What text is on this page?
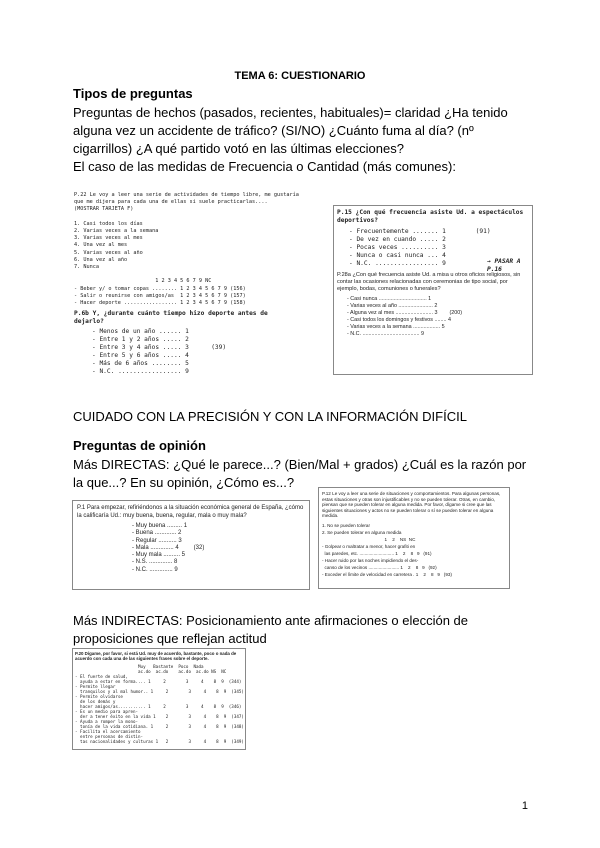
TEMA 6: CUESTIONARIO
Tipos de preguntas
Preguntas de hechos (pasados, recientes, habituales)= claridad ¿Ha tenido alguna vez un accidente de tráfico? (SI/NO) ¿Cuánto fuma al día? (nº cigarrillos) ¿A qué partido votó en las últimas elecciones?
El caso de las medidas de Frecuencia o Cantidad (más comunes):
P.22 Le voy a leer una serie de actividades de tiempo libre, me gustaría
que me dijera para cada una de ellas si suele practicarlas....
(MOSTRAR TARJETA F)

1. Casi todos los días
2. Varias veces a la semana
3. Varias veces al mes
4. Una vez al mes
5. Varias veces al año
6. Una vez al año
7. Nunca

1 2 3 4 5 6 7 9 NC
- Beber y/ o tomar copas ........ 1 2 3 4 5 6 7 9 (156)
- Salir o reunirse con amigos/as  1 2 3 4 5 6 7 9 (157)
- Hacer deporte ................. 1 2 3 4 5 6 7 9 (158)
P.6b Y, ¿durante cuánto tiempo hizo deporte antes de dejarlo?
- Menos de un año ...... 1
- Entre 1 y 2 años ..... 2
- Entre 3 y 4 años ..... 3      (39)
- Entre 5 y 6 años ..... 4
- Más de 6 años ........ 5
- N.C. ................. 9
P.15 ¿Con qué frecuencia asiste Ud. a espectáculos deportivos?
- Frecuentemente ....... 1        (91)
- De vez en cuando ..... 2
- Pocas veces .......... 3
- Nunca o casi nunca ... 4
- N.C. ................. 9	→ PASAR A P.16
P.28a ¿Con qué frecuencia asiste Ud. a misa u otros oficios religiosos, sin contar las ocasiones relacionadas con ceremonias de tipo social, por ejemplo, bodas, comuniones o funerales?
- Casi nunca ................................ 1
- Varias veces al año ....................... 2
- Alguna vez al mes ......................... 3        (200)
- Casi todos los domingos y festivos ........ 4
- Varias veces a la semana .................. 5
- N.C. ...................................... 9
CUIDADO CON LA PRECISIÓN Y CON LA INFORMACIÓN DIFÍCIL
Preguntas de opinión
Más DIRECTAS: ¿Qué le parece...? (Bien/Mal + grados) ¿Cuál es la razón por la que...? En su opinión, ¿Cómo es...?
P.1 Para empezar, refiriéndonos a la situación económica general de España, ¿cómo la calificaría Ud.: muy buena, buena, regular, mala o muy mala?
- Muy buena ......... 1
- Buena ............. 2
- Regular ........... 3
- Mala .............. 4         (32)
- Muy mala .......... 5
- N.S. .............. 8
- N.C. .............. 9
P.12 Le voy a leer una serie de situaciones y comportamientos. Para algunas personas, estas situaciones y otras son injustificables y no se pueden tolerar. Otras, en cambio, piensan que se pueden tolerar en alguna medida. Por favor, dígame si cree que las siguientes situaciones y actos no se pueden tolerar o sí se pueden tolerar en alguna medida.
1. No se pueden tolerar
2. Se pueden tolerar en alguna medida
1    2    NS  NC
- Golpear o maltratar a menor, hacer grafiti en
las paredes, etc. ........................... 1    2    8   9   (91)
- Hacer ruido por las noches impidiendo el des-
canso de los vecinos ........................ 1    2    8   9   (92)
- Exceder el límite de velocidad en carretera . 1    2    8   9   (93)
Más INDIRECTAS: Posicionamiento ante afirmaciones o elección de proposiciones que reflejan actitud
P.20 Dígame, por favor, si está Ud. muy de acuerdo, bastante, poco o nada de acuerdo con cada una de las siguientes frases sobre el deporte.
Muy   Bastante  Poco  Nada
ac.do  ac.do    ac.do  ac.do NS  NC
- El fuerte de salud,
ayuda a estar en forma.... 1     2        3     4    8  9  (344)
- Permite llegar
tranquilos y al mal humor.. 1     2        3     4    8  9  (345)
- Permite olvidarse
de los demás y
hacer amigos/as........... 1     2        3     4    8  9  (346)
- Es un medio para apren-
der a tener éxito en la vida 1    2        3     4    8  9  (347)
- Ayuda a romper la mono-
tonía de la vida cotidiana. 1     2        3     4    8  9  (348)
- Facilita el acercamiento
entre personas de distin-
tas nacionalidades y culturas 1   2        3     4    8  9  (349)
1
